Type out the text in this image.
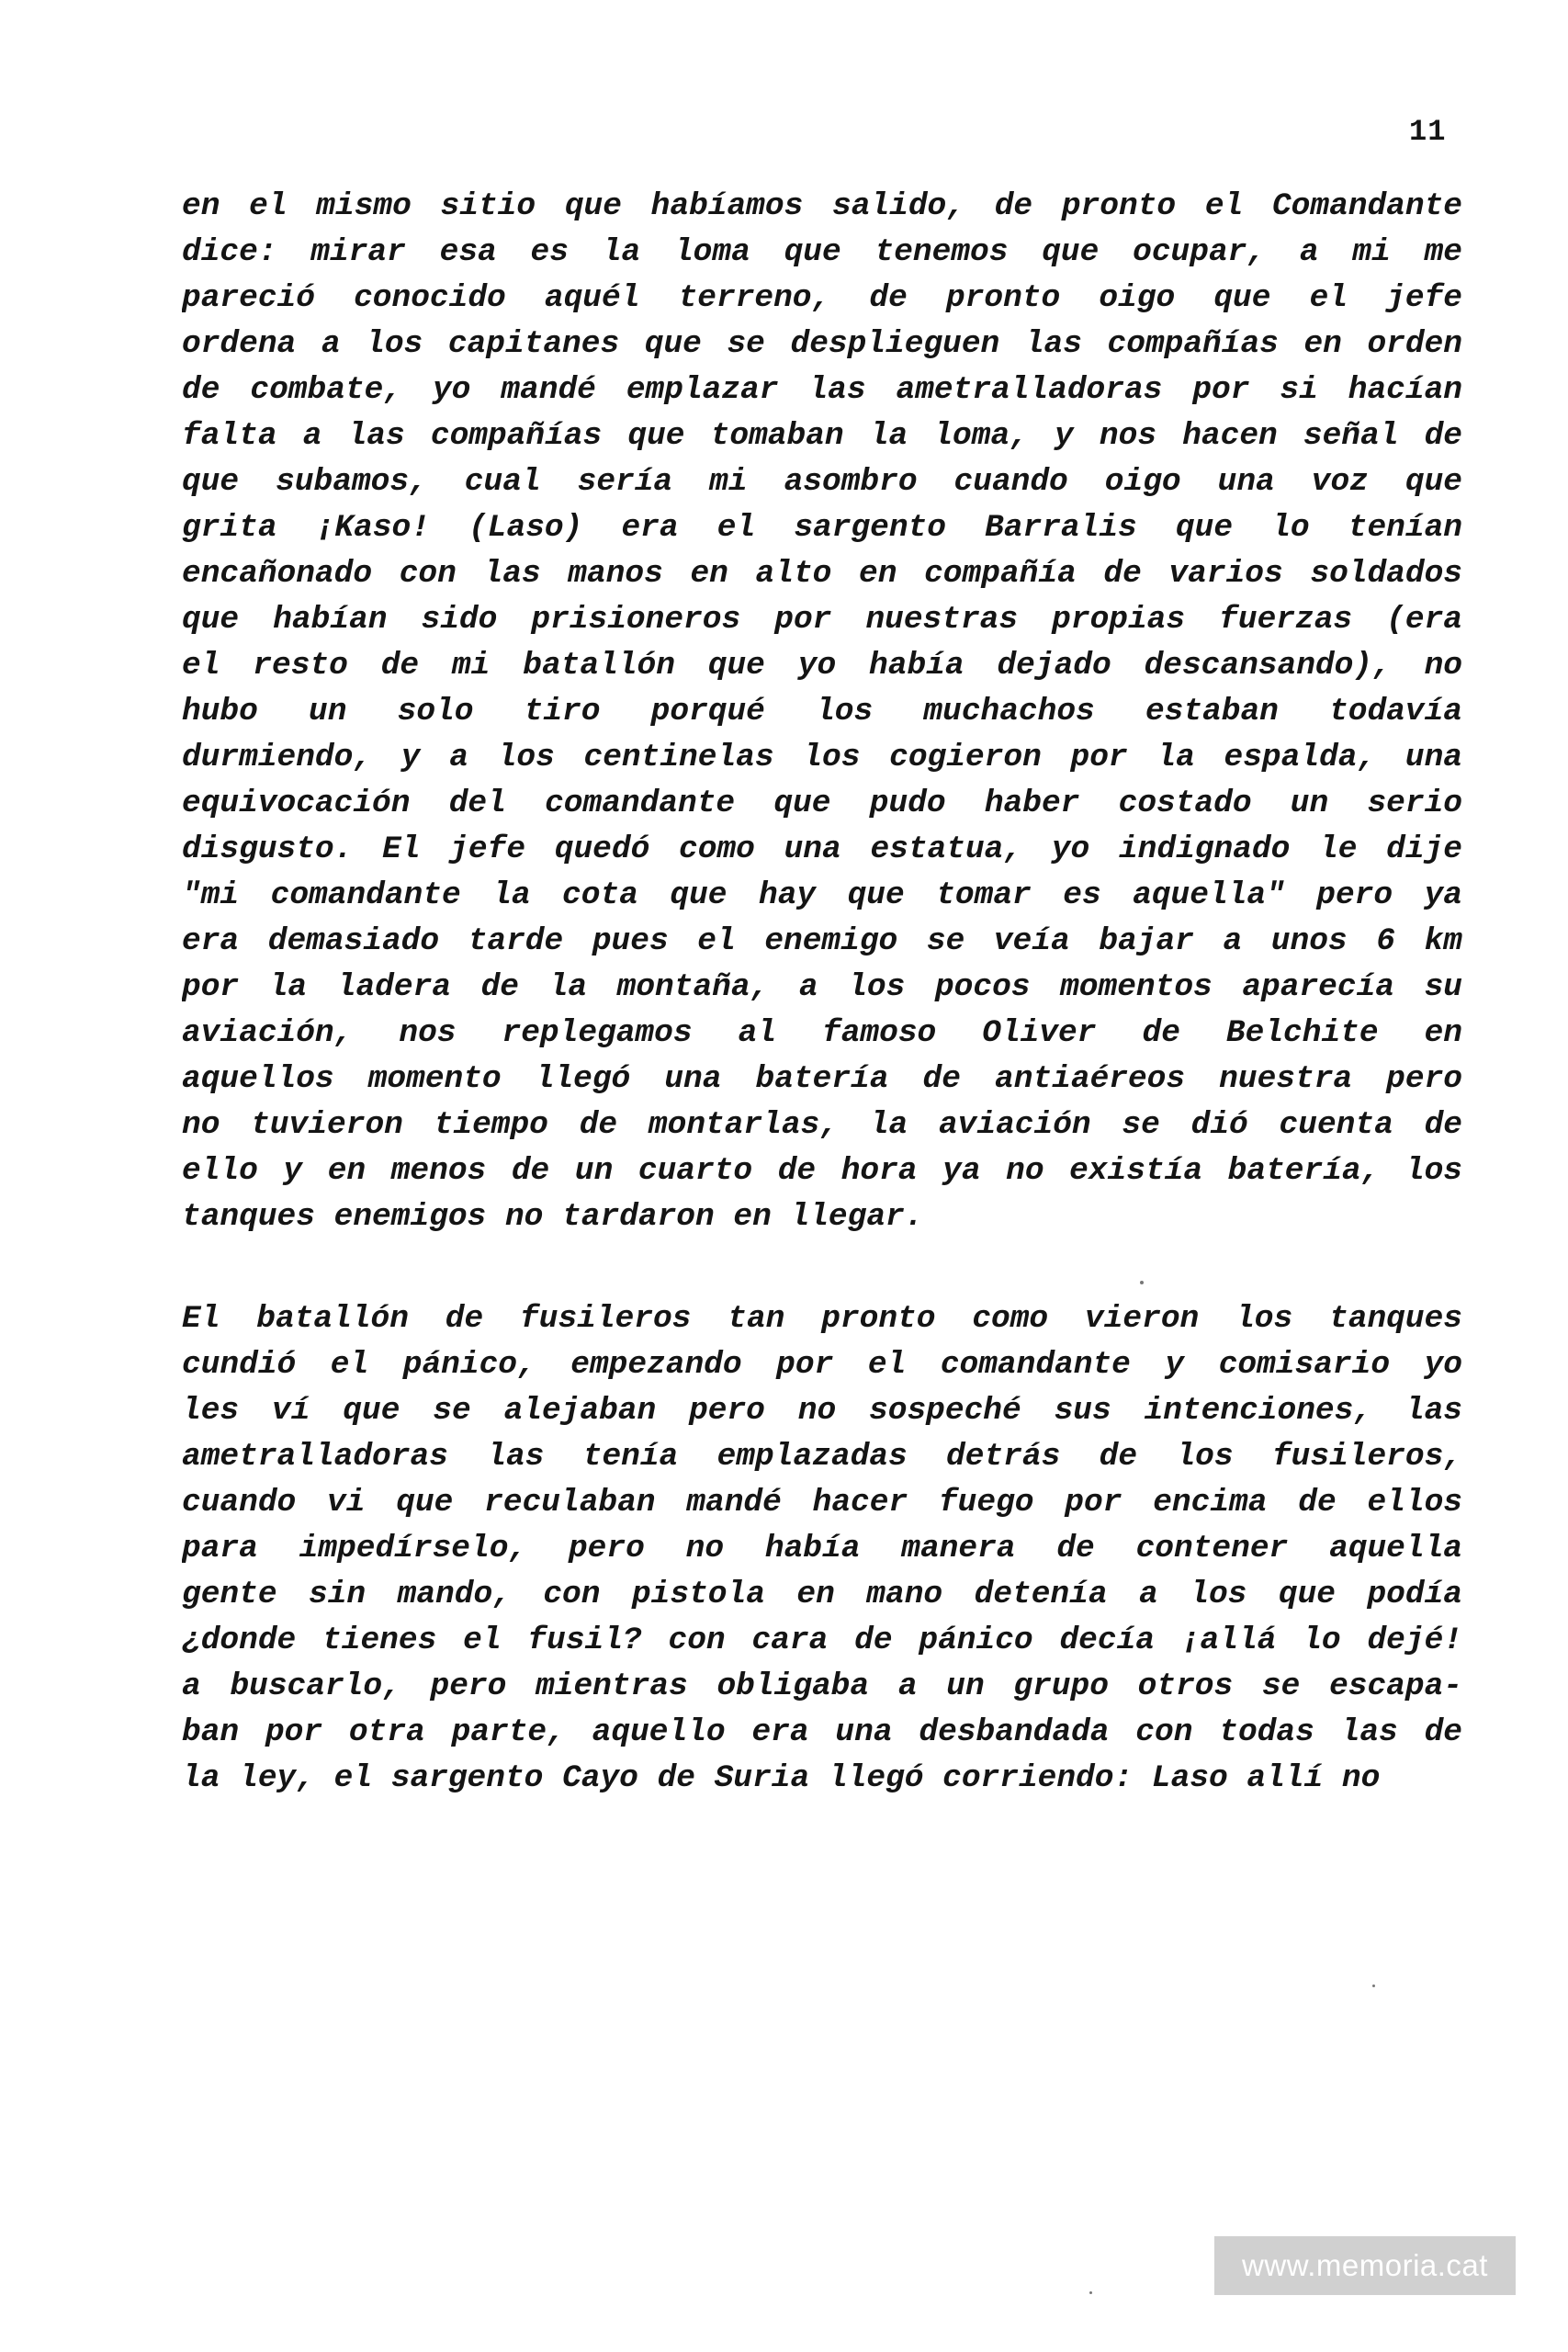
11
en el mismo sitio que habíamos salido, de pronto el Comandante
dice: mirar esa es la loma que tenemos que ocupar, a mi me
pareció conocido aquél terreno, de pronto oigo que el jefe
ordena a los capitanes que se desplieguen las compañías en orden
de combate, yo mandé emplazar las ametralladoras por si hacían
falta a las compañías que tomaban la loma, y nos hacen señal de
que subamos, cual sería mi asombro cuando oigo una voz que
grita ¡Kaso! (Laso) era el sargento Barralis que lo tenían
encañonado con las manos en alto en compañía de varios soldados
que habían sido prisioneros por nuestras propias fuerzas (era
el resto de mi batallón que yo había dejado descansando), no
hubo un solo tiro porqué los muchachos estaban todavía
durmiendo, y a los centinelas los cogieron por la espalda, una
equivocación del comandante que pudo haber costado un serio
disgusto. El jefe quedó como una estatua, yo indignado le dije
"mi comandante la cota que hay que tomar es aquella" pero ya
era demasiado tarde pues el enemigo se veía bajar a unos 6 km
por la ladera de la montaña, a los pocos momentos aparecía su
aviación, nos replegamos al famoso Oliver de Belchite en
aquellos momento llegó una batería de antiaéreos nuestra pero
no tuvieron tiempo de montarlas, la aviación se dió cuenta de
ello y en menos de un cuarto de hora ya no existía batería, los
tanques enemigos no tardaron en llegar.
El batallón de fusileros tan pronto como vieron los tanques
cundió el pánico, empezando por el comandante y comisario yo
les ví que se alejaban pero no sospeché sus intenciones, las
ametralladoras las tenía emplazadas detrás de los fusileros,
cuando vi que reculaban mandé hacer fuego por encima de ellos
para impedírselo, pero no había manera de contener aquella
gente sin mando, con pistola en mano detenía a los que podía
¿donde tienes el fusil? con cara de pánico decía ¡allá lo dejé!
a buscarlo, pero mientras obligaba a un grupo otros se escapa-
ban por otra parte, aquello era una desbandada con todas las de
la ley, el sargento Cayo de Suria llegó corriendo: Laso allí no
www.memoria.cat
